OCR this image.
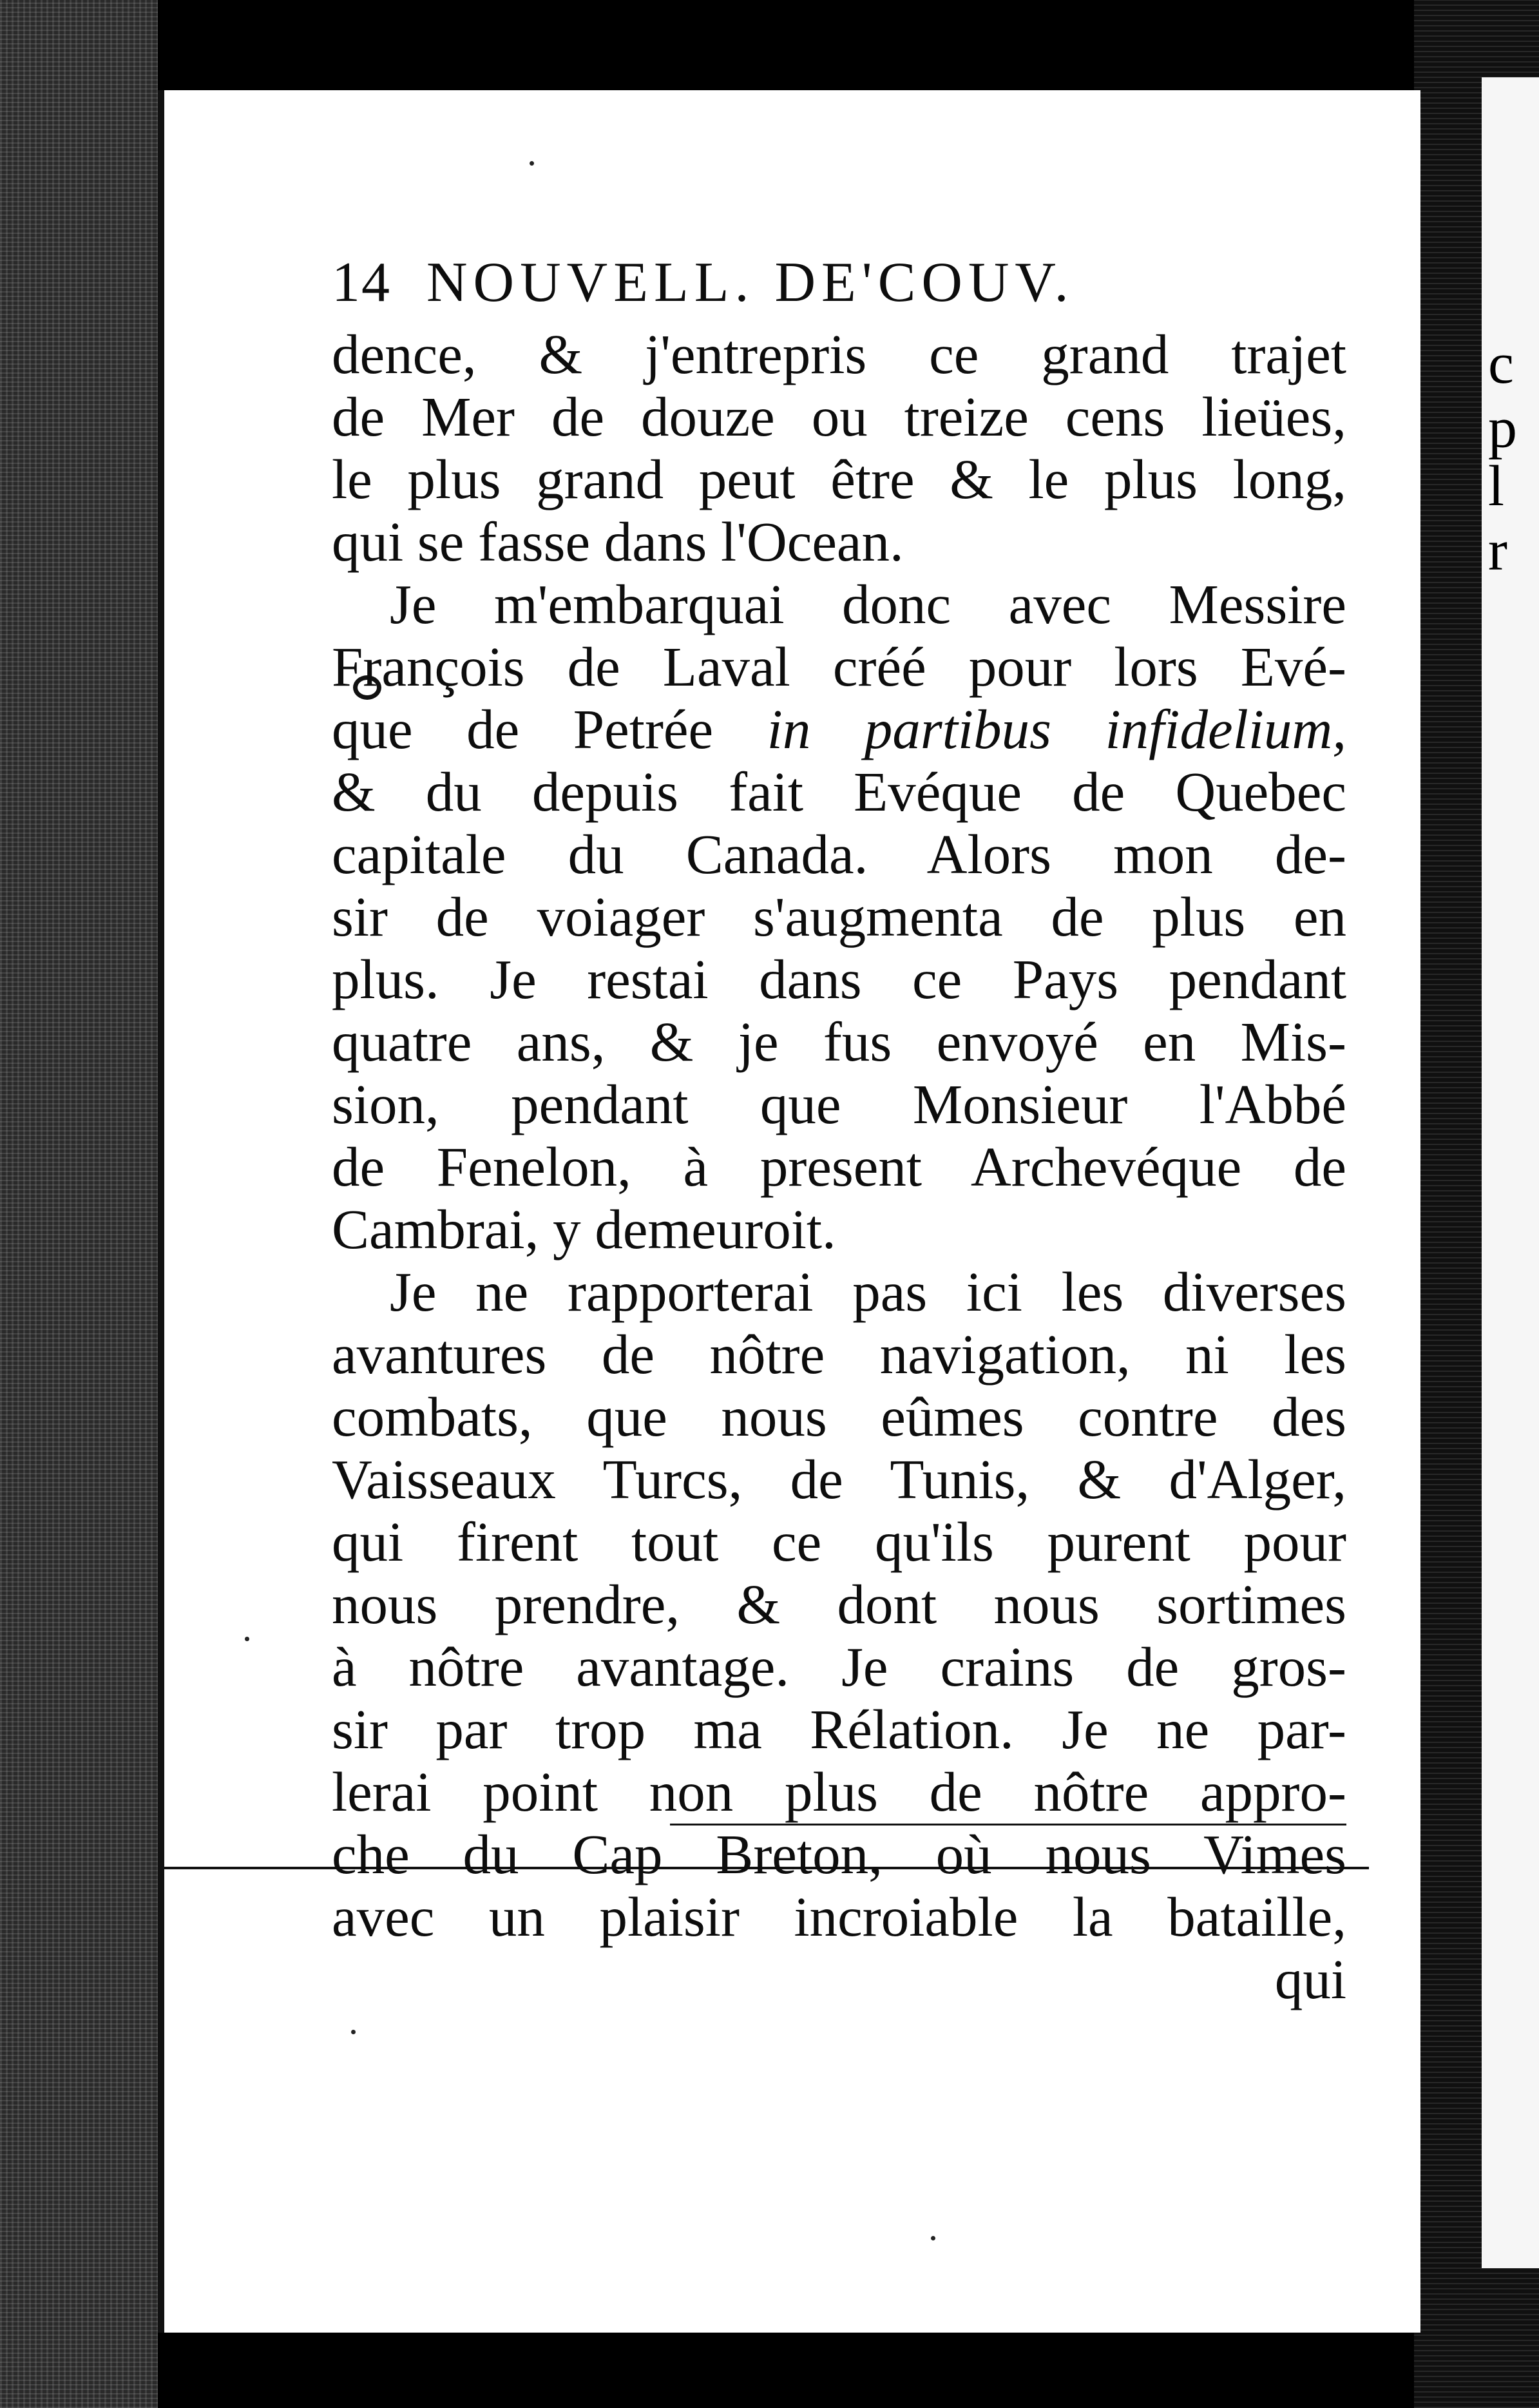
c
p
l
r
14 NOUVELL. DE'COUV.
dence, & j'entrepris ce grand trajet
de Mer de douze ou treize cens lieües,
le plus grand peut être & le plus long,
qui se fasse dans l'Ocean.
Je m'embarquai donc avec Messire
François de Laval créé pour lors Evé-
que de Petrée in partibus infidelium,
& du depuis fait Evéque de Quebec
capitale du Canada. Alors mon de-
sir de voiager s'augmenta de plus en
plus. Je restai dans ce Pays pendant
quatre ans, & je fus envoyé en Mis-
sion, pendant que Monsieur l'Abbé
de Fenelon, à present Archevéque de
Cambrai, y demeuroit.
Je ne rapporterai pas ici les diverses
avantures de nôtre navigation, ni les
combats, que nous eûmes contre des
Vaisseaux Turcs, de Tunis, & d'Alger,
qui firent tout ce qu'ils purent pour
nous prendre, & dont nous sortimes
à nôtre avantage. Je crains de gros-
sir par trop ma Rélation. Je ne par-
lerai point non plus de nôtre appro-
che du Cap Breton, où nous Vimes
avec un plaisir incroiable la bataille,
qui
